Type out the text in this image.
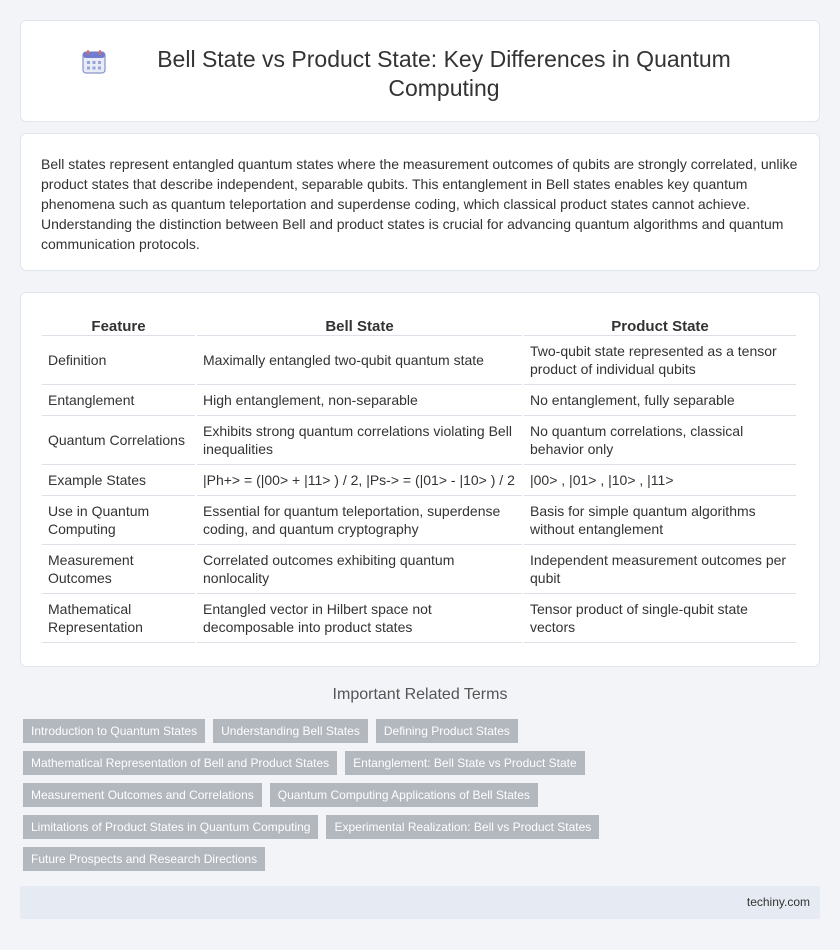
Bell State vs Product State: Key Differences in Quantum Computing

Bell states represent entangled quantum states where the measurement outcomes of qubits are strongly correlated, unlike product states that describe independent, separable qubits. This entanglement in Bell states enables key quantum phenomena such as quantum teleportation and superdense coding, which classical product states cannot achieve. Understanding the distinction between Bell and product states is crucial for advancing quantum algorithms and quantum communication protocols.

Feature	Bell State	Product State
Definition	Maximally entangled two-qubit quantum state	Two-qubit state represented as a tensor product of individual qubits
Entanglement	High entanglement, non-separable	No entanglement, fully separable
Quantum Correlations	Exhibits strong quantum correlations violating Bell inequalities	No quantum correlations, classical behavior only
Example States	|Ph+> = (|00> + |11> ) / 2, |Ps-> = (|01> - |10> ) / 2	|00> , |01> , |10> , |11>
Use in Quantum Computing	Essential for quantum teleportation, superdense coding, and quantum cryptography	Basis for simple quantum algorithms without entanglement
Measurement Outcomes	Correlated outcomes exhibiting quantum nonlocality	Independent measurement outcomes per qubit
Mathematical Representation	Entangled vector in Hilbert space not decomposable into product states	Tensor product of single-qubit state vectors
Important Related Terms
Introduction to Quantum States	Understanding Bell States	Defining Product States
Mathematical Representation of Bell and Product States	Entanglement: Bell State vs Product State
Measurement Outcomes and Correlations	Quantum Computing Applications of Bell States
Limitations of Product States in Quantum Computing	Experimental Realization: Bell vs Product States
Future Prospects and Research Directions
techiny.com
